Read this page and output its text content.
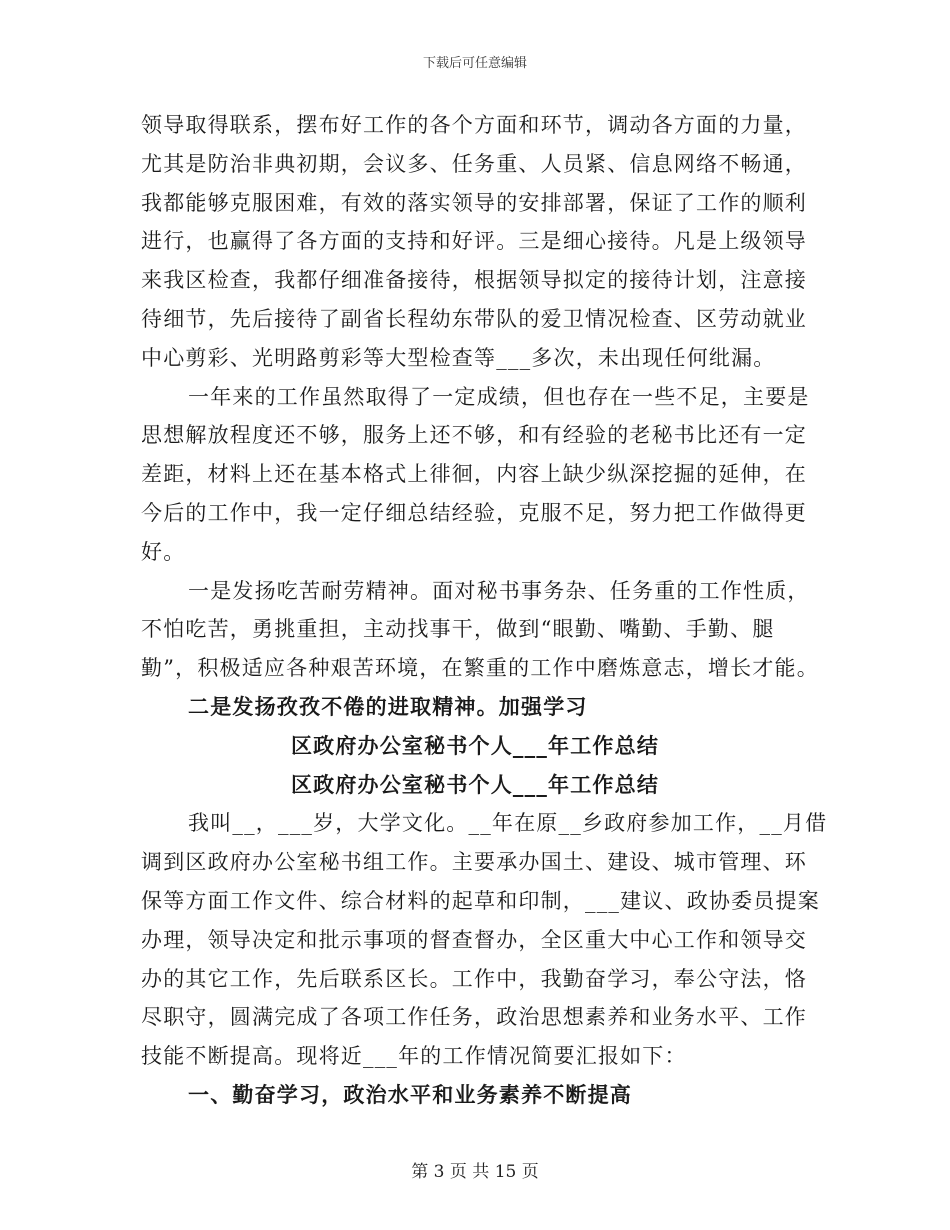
下载后可任意编辑
领导取得联系，摆布好工作的各个方面和环节，调动各方面的力量，
尤其是防治非典初期，会议多、任务重、人员紧、信息网络不畅通，
我都能够克服困难，有效的落实领导的安排部署，保证了工作的顺利
进行，也赢得了各方面的支持和好评。三是细心接待。凡是上级领导
来我区检查，我都仔细准备接待，根据领导拟定的接待计划，注意接
待细节，先后接待了副省长程幼东带队的爱卫情况检查、区劳动就业
中心剪彩、光明路剪彩等大型检查等___多次，未出现任何纰漏。
一年来的工作虽然取得了一定成绩，但也存在一些不足，主要是
思想解放程度还不够，服务上还不够，和有经验的老秘书比还有一定
差距，材料上还在基本格式上徘徊，内容上缺少纵深挖掘的延伸，在
今后的工作中，我一定仔细总结经验，克服不足，努力把工作做得更
好。
一是发扬吃苦耐劳精神。面对秘书事务杂、任务重的工作性质，
不怕吃苦，勇挑重担，主动找事干，做到“眼勤、嘴勤、手勤、腿
勤”，积极适应各种艰苦环境，在繁重的工作中磨炼意志，增长才能。
二是发扬孜孜不倦的进取精神。加强学习
区政府办公室秘书个人___年工作总结
区政府办公室秘书个人___年工作总结
我叫__，___岁，大学文化。__年在原__乡政府参加工作，__月借
调到区政府办公室秘书组工作。主要承办国土、建设、城市管理、环
保等方面工作文件、综合材料的起草和印制，___建议、政协委员提案
办理，领导决定和批示事项的督查督办，全区重大中心工作和领导交
办的其它工作，先后联系区长。工作中，我勤奋学习，奉公守法，恪
尽职守，圆满完成了各项工作任务，政治思想素养和业务水平、工作
技能不断提高。现将近___年的工作情况简要汇报如下：
一、勤奋学习，政治水平和业务素养不断提高
第 3 页 共 15 页
